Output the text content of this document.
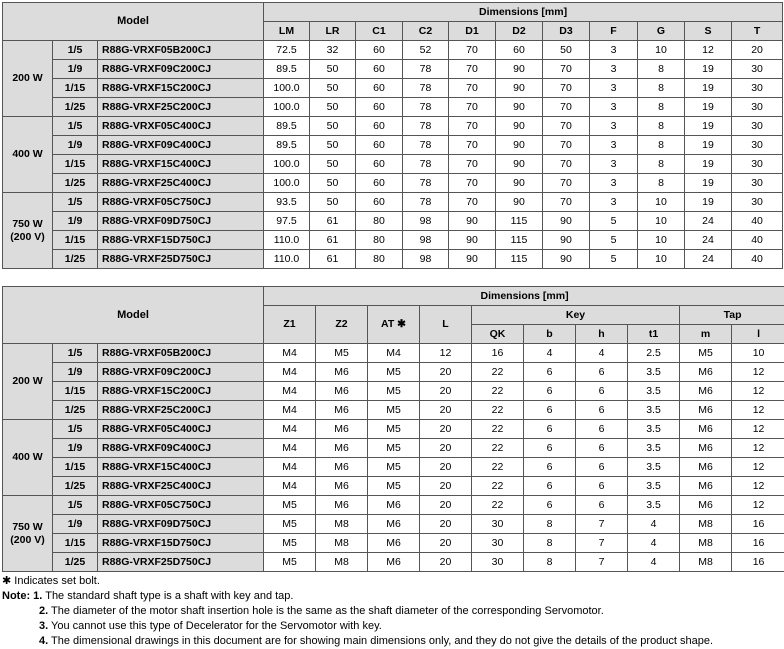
Model			Dimensions [mm]										
			LM	LR	C1	C2	D1	D2	D3	F	G	S	T

200 W	1/5	R88G-VRXF05B200CJ	72.5	32	60	52	70	60	50	3	10	12	20
	1/9	R88G-VRXF09C200CJ	89.5	50	60	78	70	90	70	3	8	19	30
	1/15	R88G-VRXF15C200CJ	100.0	50	60	78	70	90	70	3	8	19	30
	1/25	R88G-VRXF25C200CJ	100.0	50	60	78	70	90	70	3	8	19	30

400 W	1/5	R88G-VRXF05C400CJ	89.5	50	60	78	70	90	70	3	8	19	30
	1/9	R88G-VRXF09C400CJ	89.5	50	60	78	70	90	70	3	8	19	30
	1/15	R88G-VRXF15C400CJ	100.0	50	60	78	70	90	70	3	8	19	30
	1/25	R88G-VRXF25C400CJ	100.0	50	60	78	70	90	70	3	8	19	30

750 W
(200 V)	1/5	R88G-VRXF05C750CJ	93.5	50	60	78	70	90	70	3	10	19	30
	1/9	R88G-VRXF09D750CJ	97.5	61	80	98	90	115	90	5	10	24	40
	1/15	R88G-VRXF15D750CJ	110.0	61	80	98	90	115	90	5	10	24	40
	1/25	R88G-VRXF25D750CJ	110.0	61	80	98	90	115	90	5	10	24	40
Model			Dimensions [mm]									
			Z1	Z2	AT ✱	L	Key				Tap	
							QK	b	h	t1	m	l

200 W	1/5	R88G-VRXF05B200CJ	M4	M5	M4	12	16	4	4	2.5	M5	10
	1/9	R88G-VRXF09C200CJ	M4	M6	M5	20	22	6	6	3.5	M6	12
	1/15	R88G-VRXF15C200CJ	M4	M6	M5	20	22	6	6	3.5	M6	12
	1/25	R88G-VRXF25C200CJ	M4	M6	M5	20	22	6	6	3.5	M6	12

400 W	1/5	R88G-VRXF05C400CJ	M4	M6	M5	20	22	6	6	3.5	M6	12
	1/9	R88G-VRXF09C400CJ	M4	M6	M5	20	22	6	6	3.5	M6	12
	1/15	R88G-VRXF15C400CJ	M4	M6	M5	20	22	6	6	3.5	M6	12
	1/25	R88G-VRXF25C400CJ	M4	M6	M5	20	22	6	6	3.5	M6	12

750 W
(200 V)	1/5	R88G-VRXF05C750CJ	M5	M6	M6	20	22	6	6	3.5	M6	12
	1/9	R88G-VRXF09D750CJ	M5	M8	M6	20	30	8	7	4	M8	16
	1/15	R88G-VRXF15D750CJ	M5	M8	M6	20	30	8	7	4	M8	16
	1/25	R88G-VRXF25D750CJ	M5	M8	M6	20	30	8	7	4	M8	16
✱ Indicates set bolt.
Note: 1. The standard shaft type is a shaft with key and tap.
2. The diameter of the motor shaft insertion hole is the same as the shaft diameter of the corresponding Servomotor.
3. You cannot use this type of Decelerator for the Servomotor with key.
4. The dimensional drawings in this document are for showing main dimensions only, and they do not give the details of the product shape.
